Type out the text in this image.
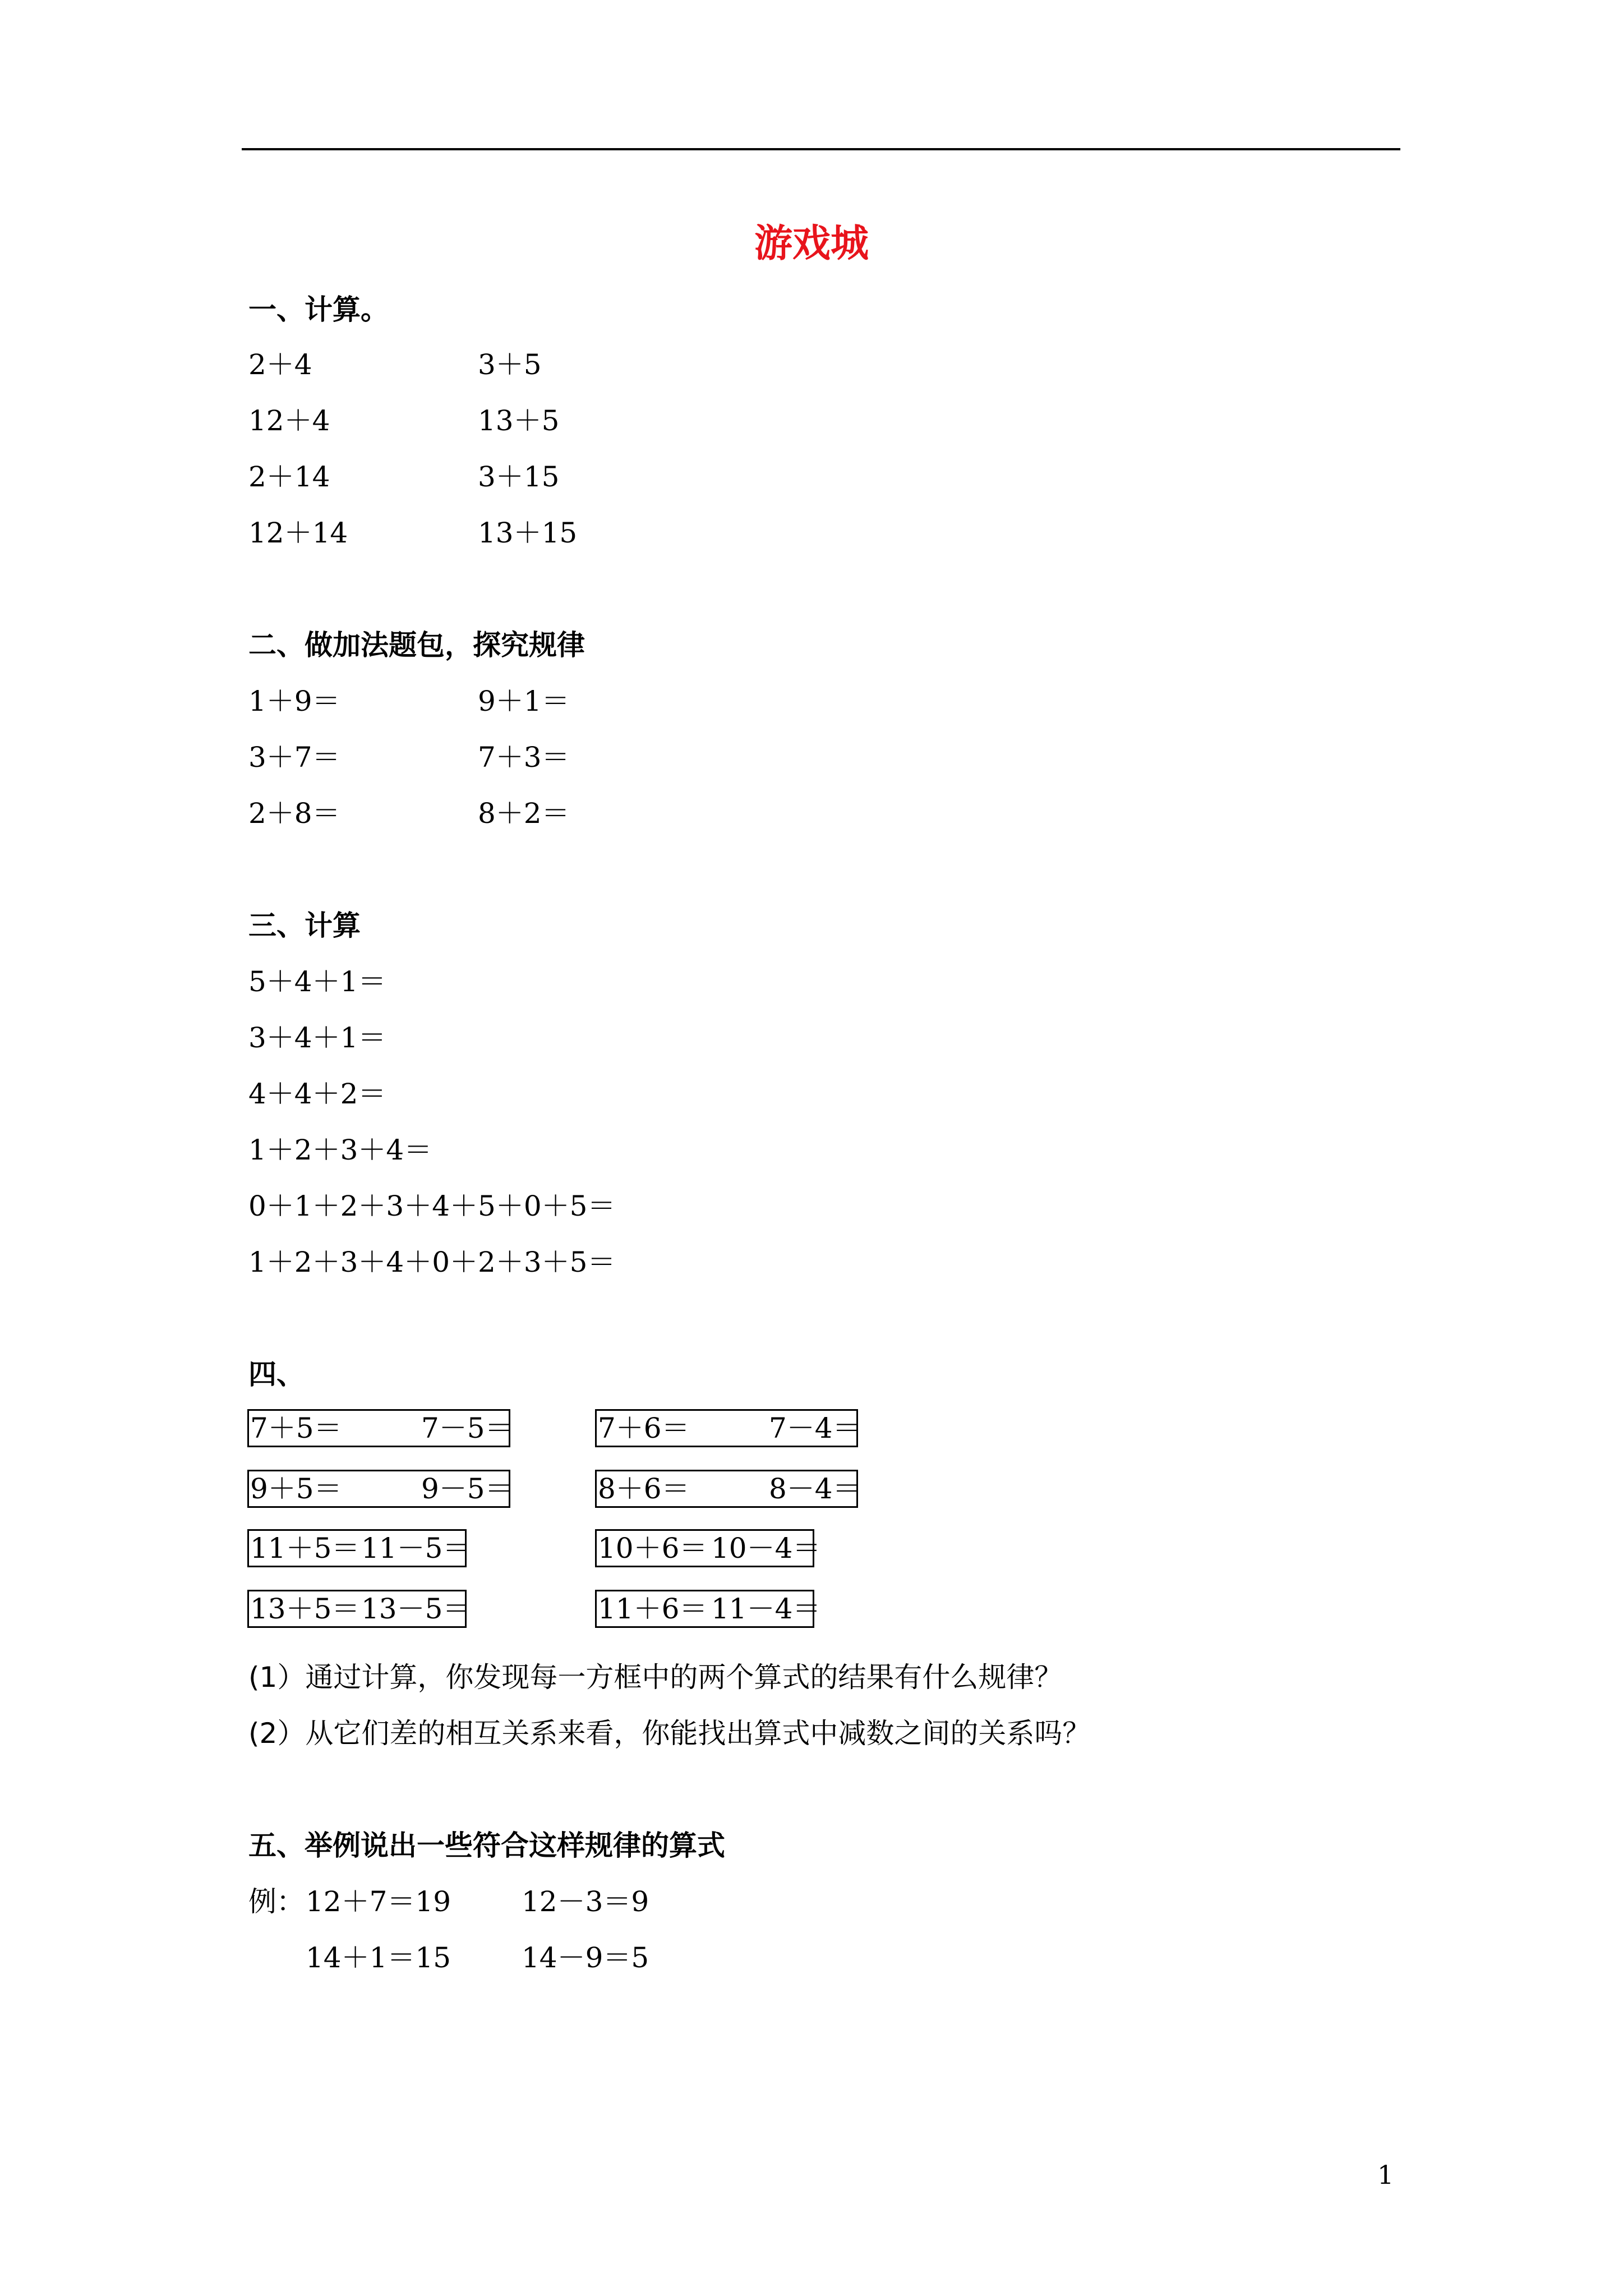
游戏城
一、计算。
2＋4	3＋5
12＋4	13＋5
2＋14	3＋15
12＋14	13＋15
二、做加法题包，探究规律
1＋9＝	9＋1＝
3＋7＝	7＋3＝
2＋8＝	8＋2＝
三、计算
5＋4＋1＝
3＋4＋1＝
4＋4＋2＝
1＋2＋3＋4＝
0＋1＋2＋3＋4＋5＋0＋5＝
1＋2＋3＋4＋0＋2＋3＋5＝
四、
7＋5＝	7－5＝	7＋6＝	7－4＝
9＋5＝	9－5＝	8＋6＝	8－4＝
11＋5＝ 11－5＝	10＋6＝ 10－4＝
13＋5＝ 13－5＝	11＋6＝ 11－4＝
(1）通过计算，你发现每一方框中的两个算式的结果有什么规律？
(2）从它们差的相互关系来看，你能找出算式中减数之间的关系吗？
五、举例说出一些符合这样规律的算式
例： 12＋7＝19	12－3＝9
14＋1＝15	14－9＝5
1
